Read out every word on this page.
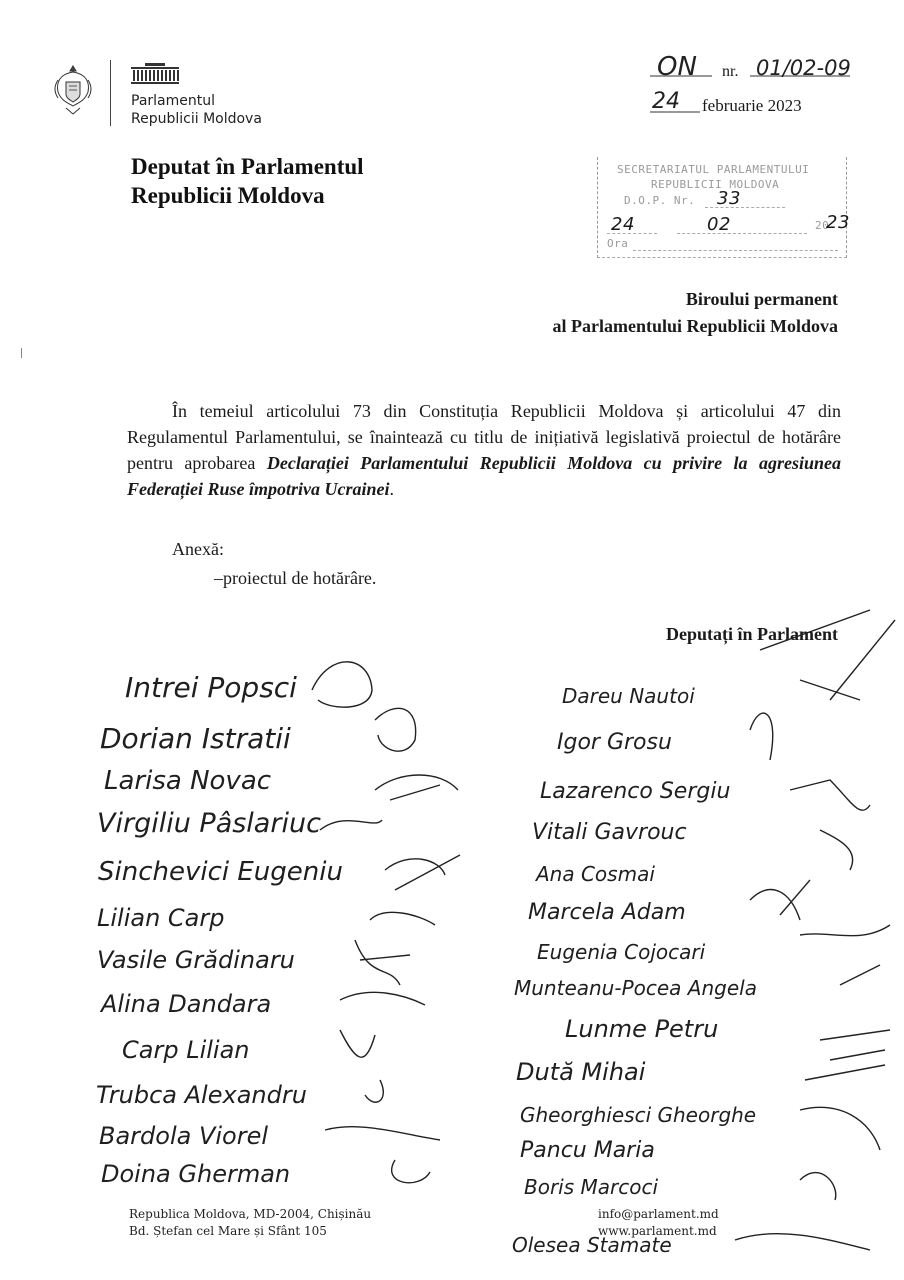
Parlamentul
Republicii Moldova
Deputat în Parlamentul
Republicii Moldova
ON nr. 01/02-09
24 februarie 2023
SECRETARIATUL PARLAMENTULUI
REPUBLICII MOLDOVA
D.O.P. Nr. 33
24	02	20
23
Ora
Biroului permanent
al Parlamentului Republicii Moldova
În temeiul articolului 73 din Constituția Republicii Moldova și articolului 47 din Regulamentul Parlamentului, se înaintează cu titlu de inițiativă legislativă proiectul de hotărâre pentru aprobarea Declarației Parlamentului Republicii Moldova cu privire la agresiunea Federației Ruse împotriva Ucrainei.
Anexă:
–proiectul de hotărâre.
Deputați în Parlament
Intrei Popsci
Dorian Istratii
Larisa Novac
Virgiliu Pâslariuc
Sinchevici Eugeniu
Lilian Carp
Vasile Grădinaru
Alina Dandara
Carp Lilian
Trubca Alexandru
Bardola Viorel
Doina Gherman
Dareu Nautoi
Igor Grosu
Lazarenco Sergiu
Vitali Gavrouc
Ana Cosmai
Marcela Adam
Eugenia Cojocari
Munteanu-Pocea Angela
Lunme Petru
Dută Mihai
Gheorghiesci Gheorghe
Pancu Maria
Boris Marcoci
Olesea Stamate
Republica Moldova, MD-2004, Chișinău
Bd. Ștefan cel Mare și Sfânt 105
info@parlament.md
www.parlament.md
